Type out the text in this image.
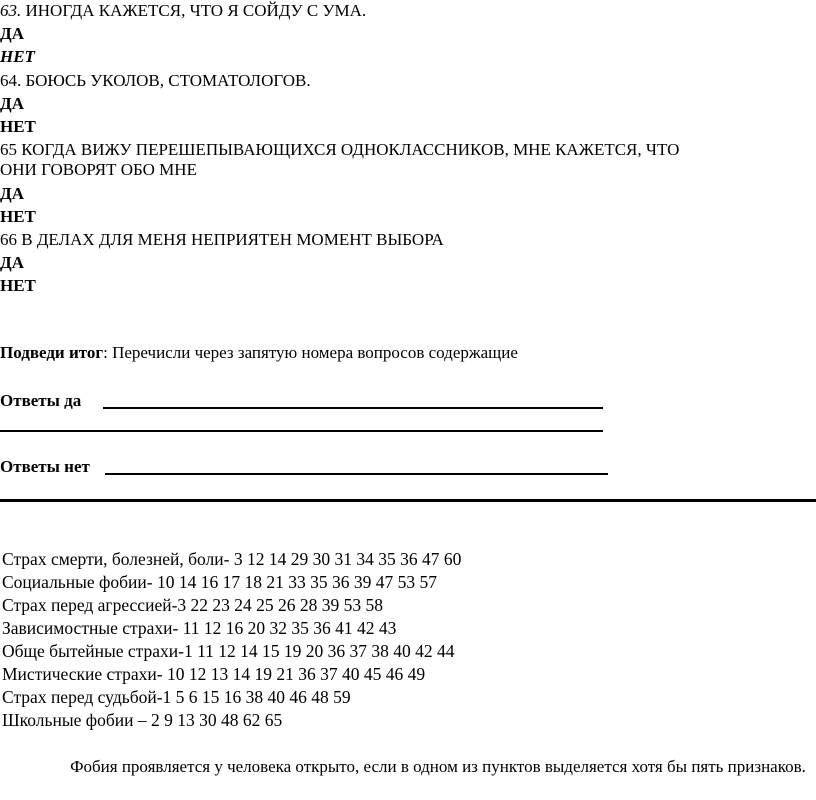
63. ИНОГДА КАЖЕТСЯ, ЧТО Я СОЙДУ С УМА.
ДА
НЕТ
64. БОЮСЬ УКОЛОВ, СТОМАТОЛОГОВ.
ДА
НЕТ
65 КОГДА ВИЖУ ПЕРЕШЕПЫВАЮЩИХСЯ ОДНОКЛАССНИКОВ, МНЕ КАЖЕТСЯ, ЧТО
ОНИ ГОВОРЯТ ОБО МНЕ
ДА
НЕТ
66 В ДЕЛАХ ДЛЯ МЕНЯ НЕПРИЯТЕН МОМЕНТ ВЫБОРА
ДА
НЕТ
Подведи итог: Перечисли через запятую номера вопросов содержащие
Ответы да
Ответы нет
Страх смерти, болезней, боли- 3 12 14 29 30 31 34 35 36 47 60
Социальные фобии- 10 14 16 17 18 21 33 35 36 39 47 53 57
Страх перед агрессией-3 22 23 24 25 26 28 39 53 58
Зависимостные страхи- 11 12 16 20 32 35 36 41 42 43
Обще бытейные страхи-1 11 12 14 15 19 20 36 37 38 40 42 44
Мистические страхи- 10 12 13 14 19 21 36 37 40 45 46 49
Страх перед судьбой-1 5 6 15 16 38 40 46 48 59
Школьные фобии – 2 9 13 30 48 62 65
Фобия проявляется у человека открыто, если в одном из пунктов выделяется хотя бы пять признаков.
